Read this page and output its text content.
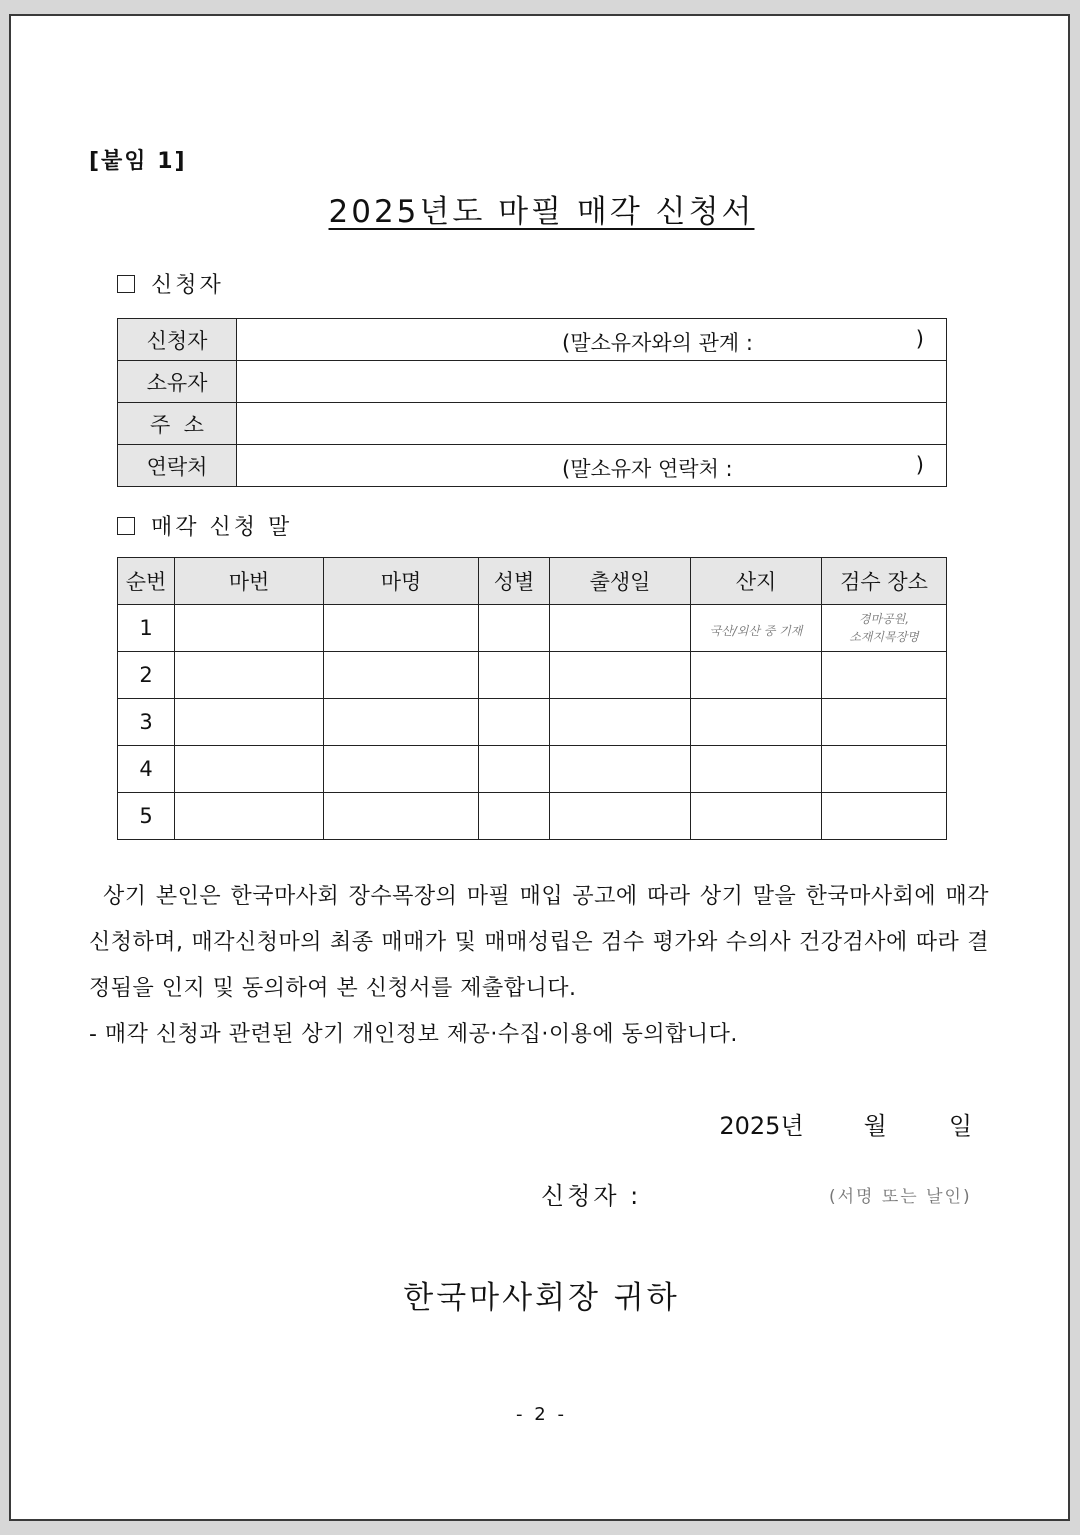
[붙임 1]
2025년도 마필 매각 신청서
신청자
신청자	(말소유자와의 관계 : )

소유자	
주  소	
연락처	(말소유자 연락처 : )
매각 신청 말
순번	마번	마명	성별	출생일	산지	검수 장소
1					국산/외산 중 기재	경마공원,
소재지목장명

2						
3						
4						
5						
상기 본인은 한국마사회 장수목장의 마필 매입 공고에 따라 상기 말을 한국마사회에 매각 신청하며, 매각신청마의 최종 매매가 및 매매성립은 검수 평가와 수의사 건강검사에 따라 결정됨을 인지 및 동의하여 본 신청서를 제출합니다.
- 매각 신청과 관련된 상기 개인정보 제공·수집·이용에 동의합니다.
2025년	월	일
신청자 :	(서명 또는 날인)
한국마사회장 귀하
- 2 -
